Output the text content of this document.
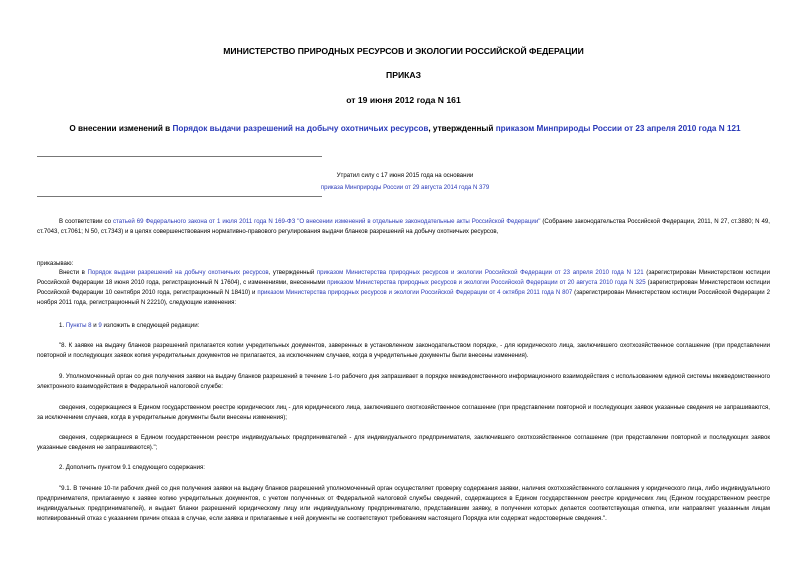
МИНИСТЕРСТВО ПРИРОДНЫХ РЕСУРСОВ И ЭКОЛОГИИ РОССИЙСКОЙ ФЕДЕРАЦИИ
ПРИКАЗ
от 19 июня 2012 года N 161
О внесении изменений в Порядок выдачи разрешений на добычу охотничьих ресурсов, утвержденный приказом Минприроды России от 23 апреля 2010 года N 121
Утратил силу с 17 июня 2015 года на основании
приказа Минприроды России от 29 августа 2014 года N 379
В соответствии со статьей 69 Федерального закона от 1 июля 2011 года N 169-ФЗ "О внесении изменений в отдельные законодательные акты Российской Федерации" (Собрание законодательства Российской Федерации, 2011, N 27, ст.3880; N 49, ст.7043, ст.7061; N 50, ст.7343) и в целях совершенствования нормативно-правового регулирования выдачи бланков разрешений на добычу охотничьих ресурсов,
приказываю:
Внести в Порядок выдачи разрешений на добычу охотничьих ресурсов, утвержденный приказом Министерства природных ресурсов и экологии Российской Федерации от 23 апреля 2010 года N 121 (зарегистрирован Министерством юстиции Российской Федерации 18 июня 2010 года, регистрационный N 17604), с изменениями, внесенными приказом Министерства природных ресурсов и экологии Российской Федерации от 20 августа 2010 года N 325 (зарегистрирован Министерством юстиции Российской Федерации 10 сентября 2010 года, регистрационный N 18410) и приказом Министерства природных ресурсов и экологии Российской Федерации от 4 октября 2011 года N 807 (зарегистрирован Министерством юстиции Российской Федерации 2 ноября 2011 года, регистрационный N 22210), следующие изменения:
1. Пункты 8 и 9 изложить в следующей редакции:
"8. К заявке на выдачу бланков разрешений прилагается копии учредительных документов, заверенных в установленном законодательством порядке, - для юридического лица, заключившего охотхозяйственное соглашение (при представлении повторной и последующих заявок копия учредительных документов не прилагается, за исключением случаев, когда в учредительные документы были внесены изменения).
9. Уполномоченный орган со дня получения заявки на выдачу бланков разрешений в течение 1-го рабочего дня запрашивает в порядке межведомственного информационного взаимодействия с использованием единой системы межведомственного электронного взаимодействия в Федеральной налоговой службе:
сведения, содержащиеся в Едином государственном реестре юридических лиц - для юридического лица, заключившего охотхозяйственное соглашение (при представлении повторной и последующих заявок указанные сведения не запрашиваются, за исключением случаев, когда в учредительные документы были внесены изменения);
сведения, содержащиеся в Едином государственном реестре индивидуальных предпринимателей - для индивидуального предпринимателя, заключившего охотхозяйственное соглашение (при представлении повторной и последующих заявок указанные сведения не запрашиваются).";
2. Дополнить пунктом 9.1 следующего содержания:
"9.1. В течение 10-ти рабочих дней со дня получения заявки на выдачу бланков разрешений уполномоченный орган осуществляет проверку содержания заявки, наличия охотхозяйственного соглашения у юридического лица, либо индивидуального предпринимателя, прилагаемую к заявке копию учредительных документов, с учетом полученных от Федеральной налоговой службы сведений, содержащихся в Едином государственном реестре юридических лиц (Едином государственном реестре индивидуальных предпринимателей), и выдает бланки разрешений юридическому лицу или индивидуальному предпринимателю, представившим заявку, в получении которых делается соответствующая отметка, или направляет указанным лицам мотивированный отказ с указанием причин отказа в случае, если заявка и прилагаемые к ней документы не соответствуют требованиям настоящего Порядка или содержат недостоверные сведения.".
